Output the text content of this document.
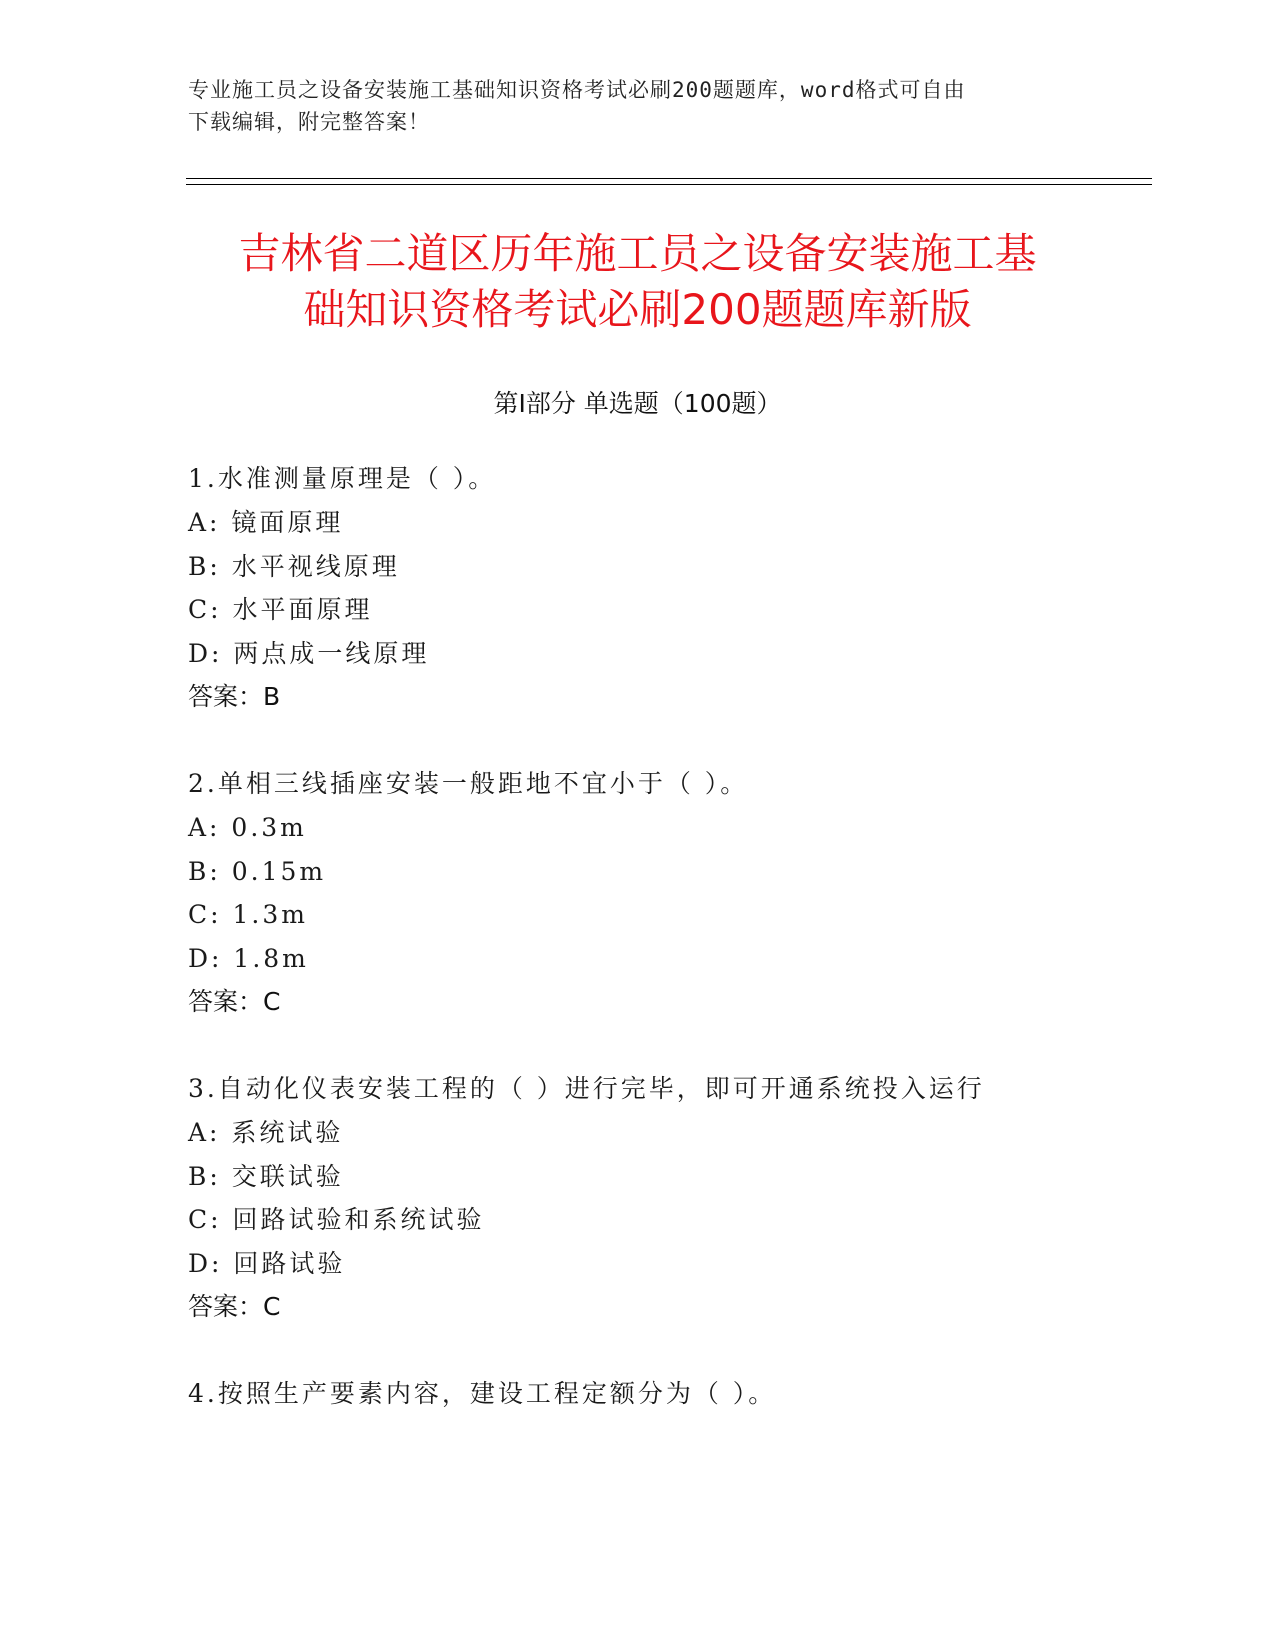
专业施工员之设备安装施工基础知识资格考试必刷200题题库，word格式可自由
下载编辑，附完整答案！
吉林省二道区历年施工员之设备安装施工基
础知识资格考试必刷200题题库新版
第Ⅰ部分 单选题（100题）
1.水准测量原理是（ ）。
A: 镜面原理
B: 水平视线原理
C: 水平面原理
D: 两点成一线原理
答案：B
2.单相三线插座安装一般距地不宜小于（ ）。
A: 0.3m
B: 0.15m
C: 1.3m
D: 1.8m
答案：C
3.自动化仪表安装工程的（ ）进行完毕，即可开通系统投入运行
A: 系统试验
B: 交联试验
C: 回路试验和系统试验
D: 回路试验
答案：C
4.按照生产要素内容，建设工程定额分为（ ）。
